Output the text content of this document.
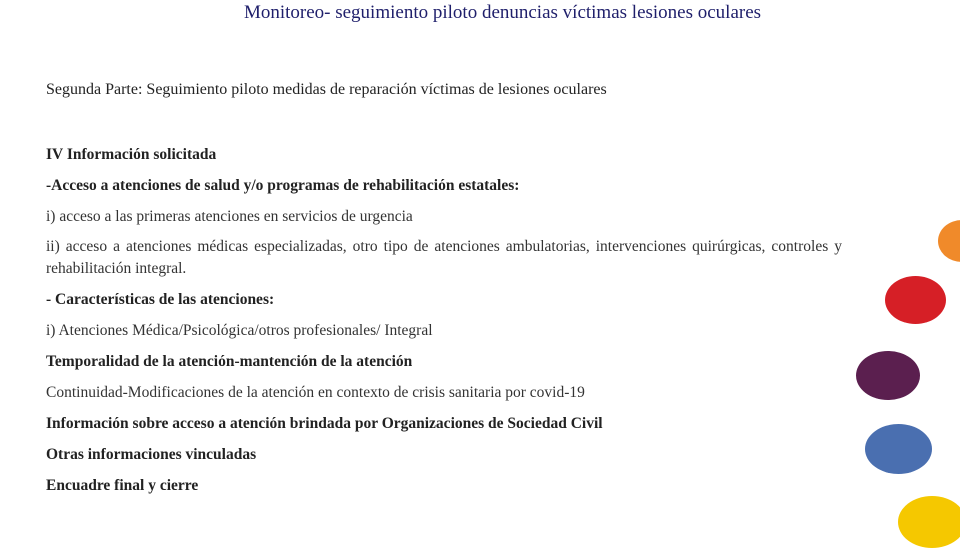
Monitoreo- seguimiento piloto denuncias víctimas lesiones oculares
Segunda Parte: Seguimiento piloto medidas de reparación víctimas de lesiones oculares
IV Información solicitada
-Acceso a atenciones de salud y/o programas de rehabilitación estatales:
i) acceso a las primeras atenciones en servicios de urgencia
ii) acceso a atenciones médicas especializadas, otro tipo de atenciones ambulatorias, intervenciones quirúrgicas, controles y rehabilitación integral.
- Características de las atenciones:
i) Atenciones Médica/Psicológica/otros profesionales/ Integral
Temporalidad de la atención-mantención de la atención
Continuidad-Modificaciones de la atención en contexto de crisis sanitaria por covid-19
Información sobre acceso a atención brindada por Organizaciones de Sociedad Civil
Otras informaciones vinculadas
Encuadre final y cierre
